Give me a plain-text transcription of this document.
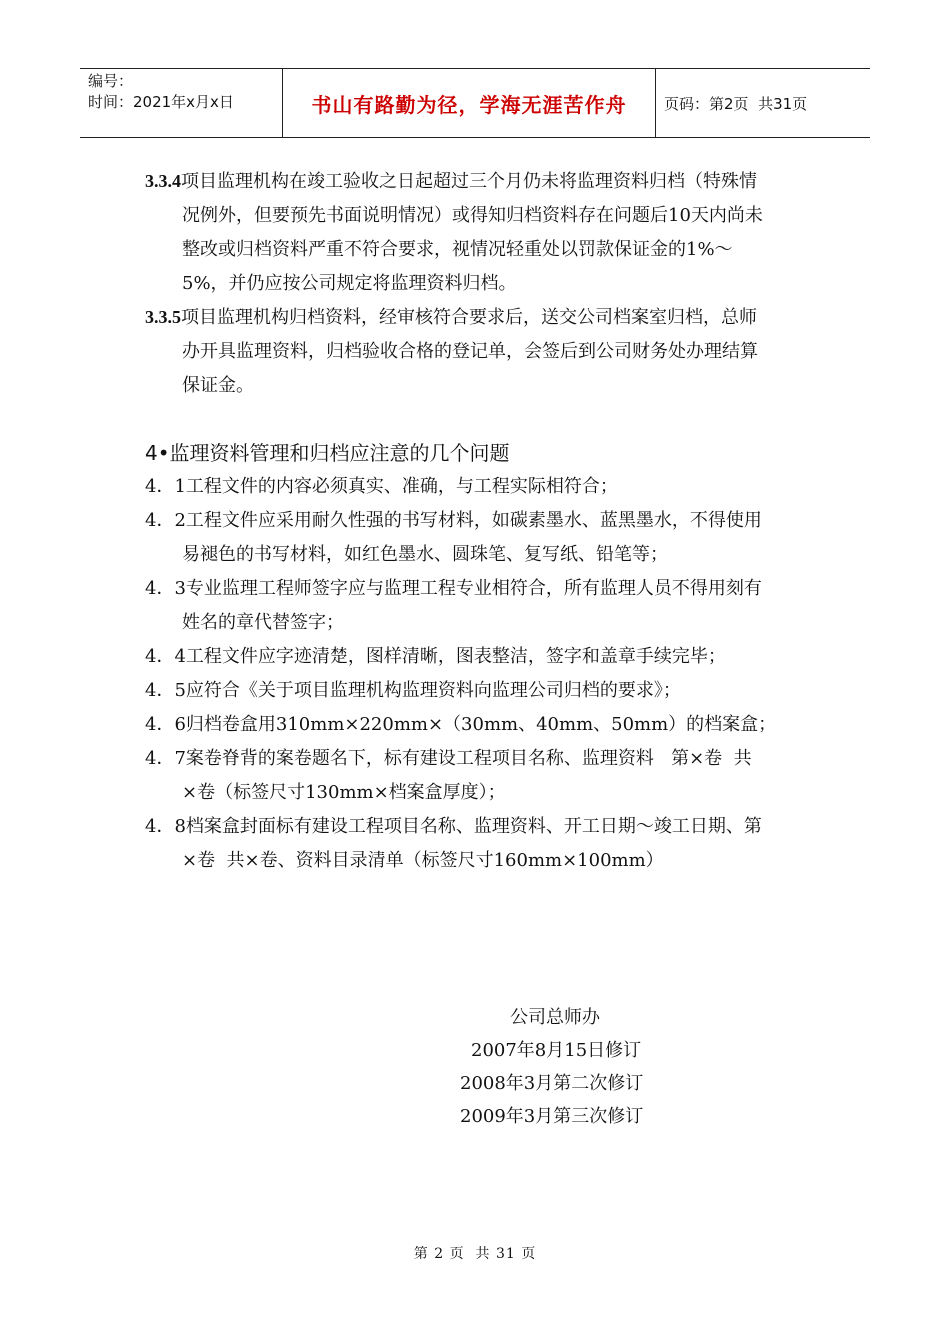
编号：
时间：2021年x月x日	书山有路勤为径，学海无涯苦作舟	页码：第2页  共31页
3.3.4项目监理机构在竣工验收之日起超过三个月仍未将监理资料归档（特殊情
况例外，但要预先书面说明情况）或得知归档资料存在问题后10天内尚未
整改或归档资料严重不符合要求，视情况轻重处以罚款保证金的1%～
5%，并仍应按公司规定将监理资料归档。
3.3.5项目监理机构归档资料，经审核符合要求后，送交公司档案室归档，总师
办开具监理资料，归档验收合格的登记单，会签后到公司财务处办理结算
保证金。
4•监理资料管理和归档应注意的几个问题
4．1工程文件的内容必须真实、准确，与工程实际相符合；
4．2工程文件应采用耐久性强的书写材料，如碳素墨水、蓝黑墨水，不得使用
易褪色的书写材料，如红色墨水、圆珠笔、复写纸、铅笔等；
4．3专业监理工程师签字应与监理工程专业相符合，所有监理人员不得用刻有
姓名的章代替签字；
4．4工程文件应字迹清楚，图样清晰，图表整洁，签字和盖章手续完毕；
4．5应符合《关于项目监理机构监理资料向监理公司归档的要求》；
4．6归档卷盒用310mm×220mm×（30mm、40mm、50mm）的档案盒；
4．7案卷脊背的案卷题名下，标有建设工程项目名称、监理资料   第×卷  共
×卷（标签尺寸130mm×档案盒厚度）；
4．8档案盒封面标有建设工程项目名称、监理资料、开工日期～竣工日期、第
×卷  共×卷、资料目录清单（标签尺寸160mm×100mm）
公司总师办
2007年8月15日修订
2008年3月第二次修订
2009年3月第三次修订
第 2 页  共 31 页
